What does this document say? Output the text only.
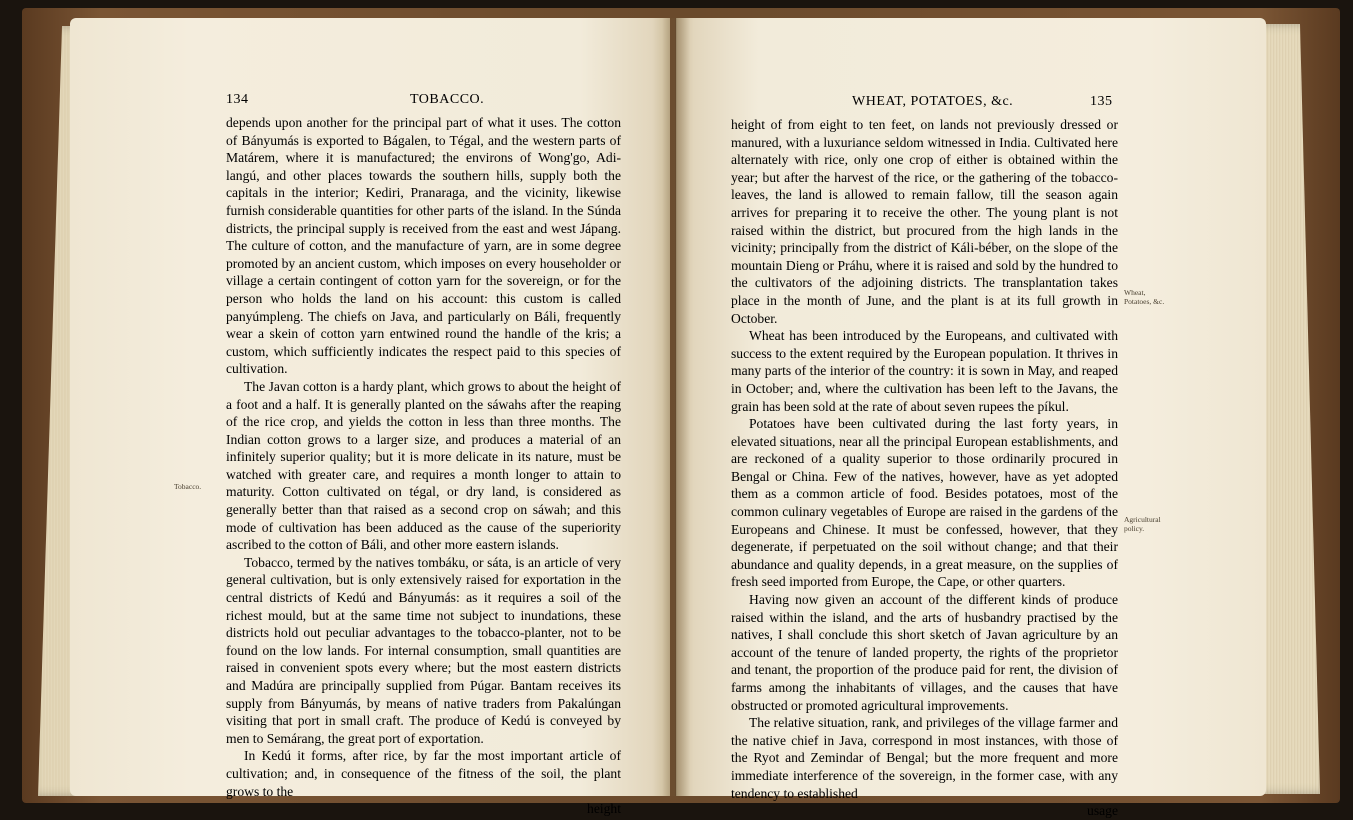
134	TOBACCO.

depends upon another for the principal part of what it uses. The cotton of Bányumás is exported to Bágalen, to Tégal, and the western parts of Matárem, where it is manufactured; the environs of Wong'go, Adi-langú, and other places towards the southern hills, supply both the capitals in the interior; Kediri, Pranaraga, and the vicinity, likewise furnish considerable quantities for other parts of the island. In the Súnda districts, the principal supply is received from the east and west Jápang. The culture of cotton, and the manufacture of yarn, are in some degree promoted by an ancient custom, which imposes on every householder or village a certain contingent of cotton yarn for the sovereign, or for the person who holds the land on his account: this custom is called panyúmpleng. The chiefs on Java, and particularly on Báli, frequently wear a skein of cotton yarn entwined round the handle of the kris; a custom, which sufficiently indicates the respect paid to this species of cultivation.

The Javan cotton is a hardy plant, which grows to about the height of a foot and a half. It is generally planted on the sáwahs after the reaping of the rice crop, and yields the cotton in less than three months. The Indian cotton grows to a larger size, and produces a material of an infinitely superior quality; but it is more delicate in its nature, must be watched with greater care, and requires a month longer to attain to maturity. Cotton cultivated on tégal, or dry land, is considered as generally better than that raised as a second crop on sáwah; and this mode of cultivation has been adduced as the cause of the superiority ascribed to the cotton of Báli, and other more eastern islands.

Tobacco, termed by the natives tombáku, or sáta, is an article of very general cultivation, but is only extensively raised for exportation in the central districts of Kedú and Bányumás: as it requires a soil of the richest mould, but at the same time not subject to inundations, these districts hold out peculiar advantages to the tobacco-planter, not to be found on the low lands. For internal consumption, small quantities are raised in convenient spots every where; but the most eastern districts and Madúra are principally supplied from Púgar. Bantam receives its supply from Bányumás, by means of native traders from Pakalúngan visiting that port in small craft. The produce of Kedú is conveyed by men to Semárang, the great port of exportation.

In Kedú it forms, after rice, by far the most important article of cultivation; and, in consequence of the fitness of the soil, the plant grows to the

height

Tobacco.
WHEAT, POTATOES, &c.	135

height of from eight to ten feet, on lands not previously dressed or manured, with a luxuriance seldom witnessed in India. Cultivated here alternately with rice, only one crop of either is obtained within the year; but after the harvest of the rice, or the gathering of the tobacco-leaves, the land is allowed to remain fallow, till the season again arrives for preparing it to receive the other. The young plant is not raised within the district, but procured from the high lands in the vicinity; principally from the district of Káli-béber, on the slope of the mountain Dieng or Práhu, where it is raised and sold by the hundred to the cultivators of the adjoining districts. The transplantation takes place in the month of June, and the plant is at its full growth in October.

Wheat has been introduced by the Europeans, and cultivated with success to the extent required by the European population. It thrives in many parts of the interior of the country: it is sown in May, and reaped in October; and, where the cultivation has been left to the Javans, the grain has been sold at the rate of about seven rupees the píkul.

Potatoes have been cultivated during the last forty years, in elevated situations, near all the principal European establishments, and are reckoned of a quality superior to those ordinarily procured in Bengal or China. Few of the natives, however, have as yet adopted them as a common article of food. Besides potatoes, most of the common culinary vegetables of Europe are raised in the gardens of the Europeans and Chinese. It must be confessed, however, that they degenerate, if perpetuated on the soil without change; and that their abundance and quality depends, in a great measure, on the supplies of fresh seed imported from Europe, the Cape, or other quarters.

Having now given an account of the different kinds of produce raised within the island, and the arts of husbandry practised by the natives, I shall conclude this short sketch of Javan agriculture by an account of the tenure of landed property, the rights of the proprietor and tenant, the proportion of the produce paid for rent, the division of farms among the inhabitants of villages, and the causes that have obstructed or promoted agricultural improvements.

The relative situation, rank, and privileges of the village farmer and the native chief in Java, correspond in most instances, with those of the Ryot and Zemindar of Bengal; but the more frequent and more immediate interference of the sovereign, in the former case, with any tendency to established

usage

Wheat, Potatoes, &c.
Agricultural policy.
